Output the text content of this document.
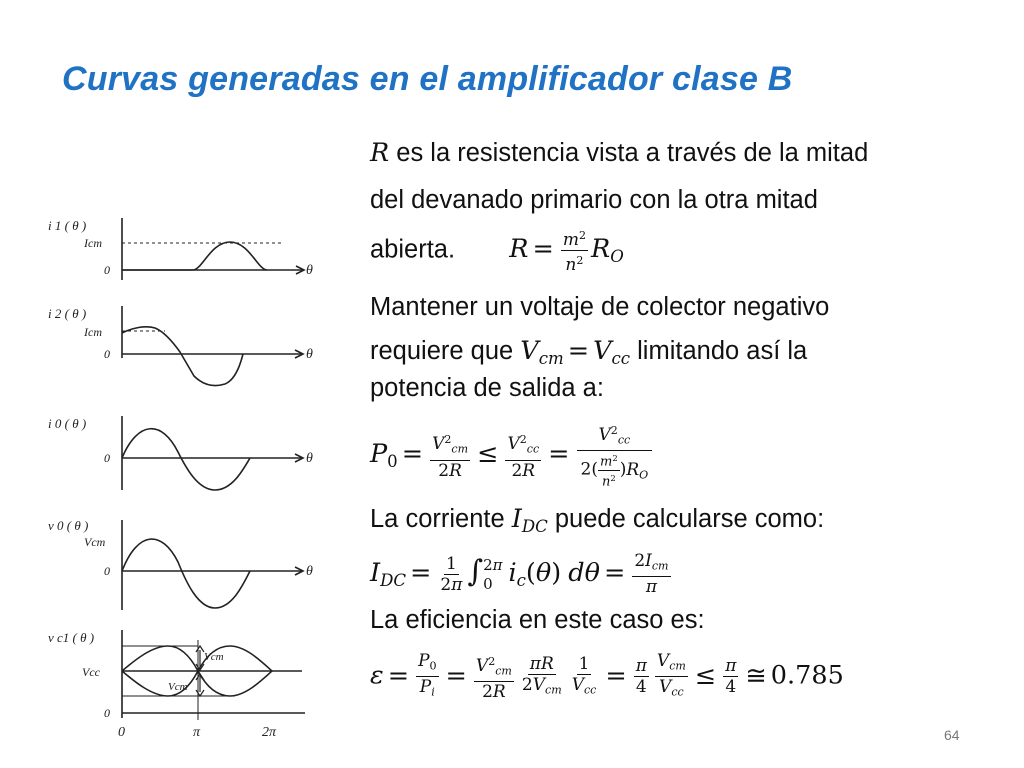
Curvas generadas en el amplificador clase B
i 1 ( θ )
Icm
0	θ
i 2 ( θ )
Icm
0	θ
i 0 ( θ )
0	θ
v 0 ( θ )
Vcm
0	θ
v c1 ( θ )
Vcm
Vcc
Vcm
0
0	π	2π
R es la resistencia vista a través de la mitad
del devanado primario con la otra mitad
abierta. $R = \frac{m^2}{n^2} R_O$
Mantener un voltaje de colector negativo
requiere que $V_{cm} = V_{cc}$ limitando así la
potencia de salida a:
$P_0 = \frac{V^2_{cm}}{2R} \le \frac{V^2_{cc}}{2R} = \frac{V^2_{cc}}{2( \frac{m^2}{n^2} )R_O}$
La corriente $I_{DC}$ puede calcularse como:
$I_{DC} = \frac{1}{2\pi}$ ∫ 2π
0 $i_c(\theta) d\theta = \frac{2I_{cm}}{\pi}$
La eficiencia en este caso es:
$\varepsilon = \frac{P_0}{P_i} = \frac{V^2_{cm}}{2R} \frac{\pi R}{2V_{cm}} \frac{1}{V_{cc}} = \frac{\pi}{4} \frac{V_{cm}}{V_{cc}} \le \frac{\pi}{4}$ ≅ 0.785
64
